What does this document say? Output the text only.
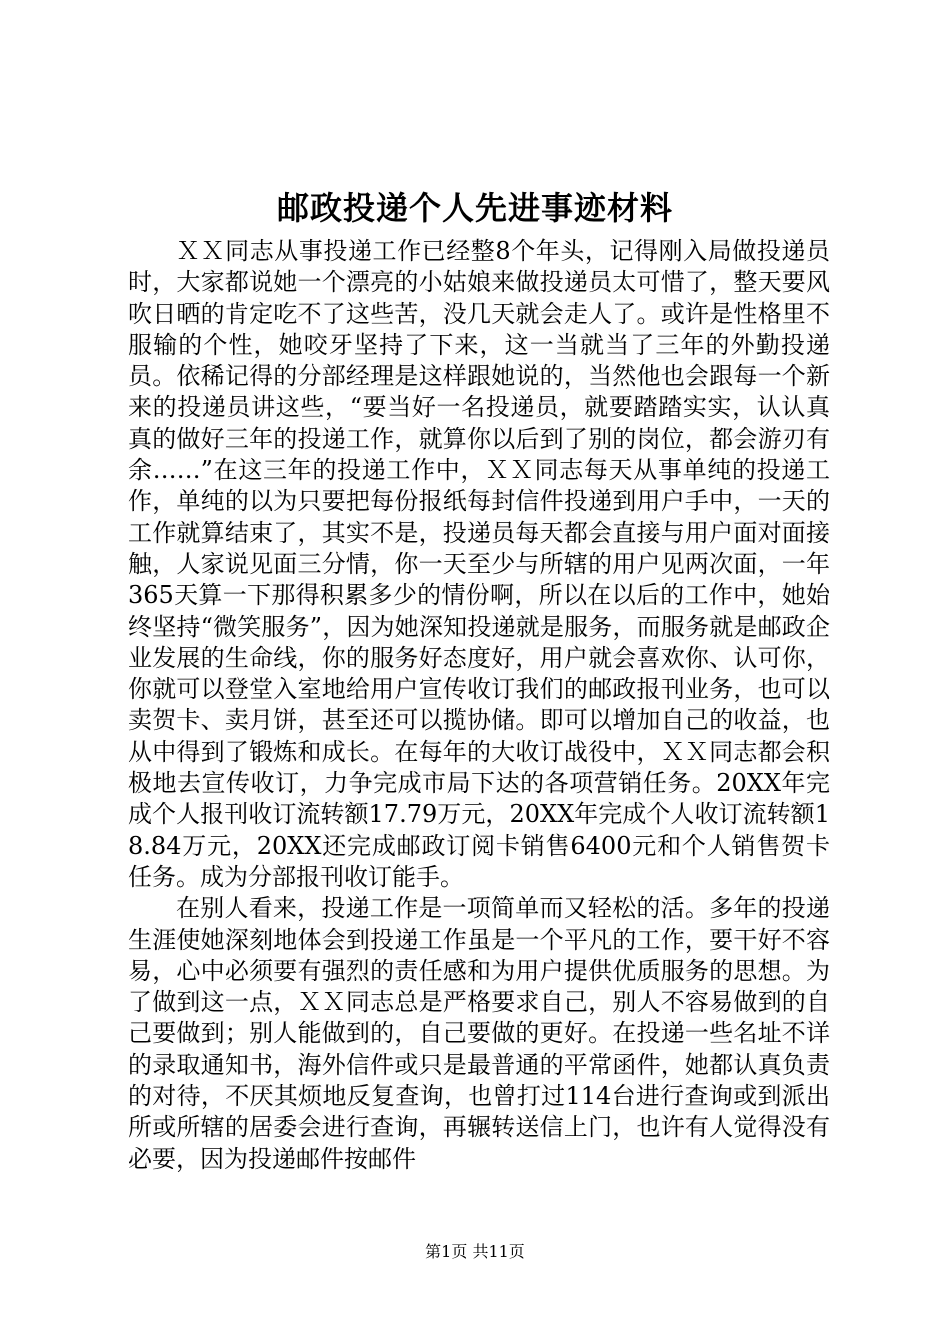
邮政投递个人先进事迹材料

ＸＸ同志从事投递工作已经整8个年头，记得刚入局做投递员时，大家都说她一个漂亮的小姑娘来做投递员太可惜了，整天要风吹日晒的肯定吃不了这些苦，没几天就会走人了。或许是性格里不服输的个性，她咬牙坚持了下来，这一当就当了三年的外勤投递员。依稀记得的分部经理是这样跟她说的，当然他也会跟每一个新来的投递员讲这些，“要当好一名投递员，就要踏踏实实，认认真真的做好三年的投递工作，就算你以后到了别的岗位，都会游刃有余……”在这三年的投递工作中，ＸＸ同志每天从事单纯的投递工作，单纯的以为只要把每份报纸每封信件投递到用户手中，一天的工作就算结束了，其实不是，投递员每天都会直接与用户面对面接触，人家说见面三分情，你一天至少与所辖的用户见两次面，一年365天算一下那得积累多少的情份啊，所以在以后的工作中，她始终坚持“微笑服务”，因为她深知投递就是服务，而服务就是邮政企业发展的生命线，你的服务好态度好，用户就会喜欢你、认可你，你就可以登堂入室地给用户宣传收订我们的邮政报刊业务，也可以卖贺卡、卖月饼，甚至还可以揽协储。即可以增加自己的收益，也从中得到了锻炼和成长。在每年的大收订战役中，ＸＸ同志都会积极地去宣传收订，力争完成市局下达的各项营销任务。20XX年完成个人报刊收订流转额17.79万元，20XX年完成个人收订流转额18.84万元，20XX还完成邮政订阅卡销售6400元和个人销售贺卡任务。成为分部报刊收订能手。

在别人看来，投递工作是一项简单而又轻松的活。多年的投递生涯使她深刻地体会到投递工作虽是一个平凡的工作，要干好不容易，心中必须要有强烈的责任感和为用户提供优质服务的思想。为了做到这一点，ＸＸ同志总是严格要求自己，别人不容易做到的自己要做到；别人能做到的，自己要做的更好。在投递一些名址不详的录取通知书，海外信件或只是最普通的平常函件，她都认真负责的对待，不厌其烦地反复查询，也曾打过114台进行查询或到派出所或所辖的居委会进行查询，再辗转送信上门，也许有人觉得没有必要，因为投递邮件按邮件

第1页 共11页
